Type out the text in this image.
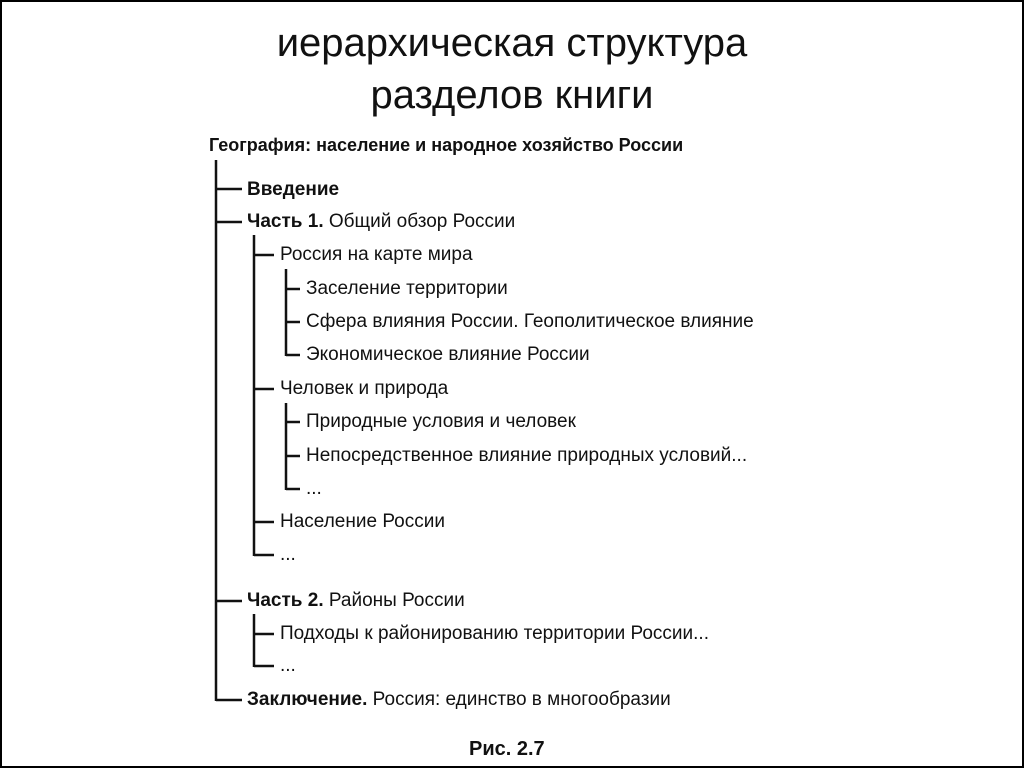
иерархическая структура
разделов книги
География: население и народное хозяйство России
Введение
Часть 1. Общий обзор России
Россия на карте мира
Заселение территории
Сфера влияния России. Геополитическое влияние
Экономическое влияние России
Человек и природа
Природные условия и человек
Непосредственное влияние природных условий...
...
Население России
...
Часть 2. Районы России
Подходы к районированию территории России...
...
Заключение. Россия: единство в многообразии
Рис. 2.7
